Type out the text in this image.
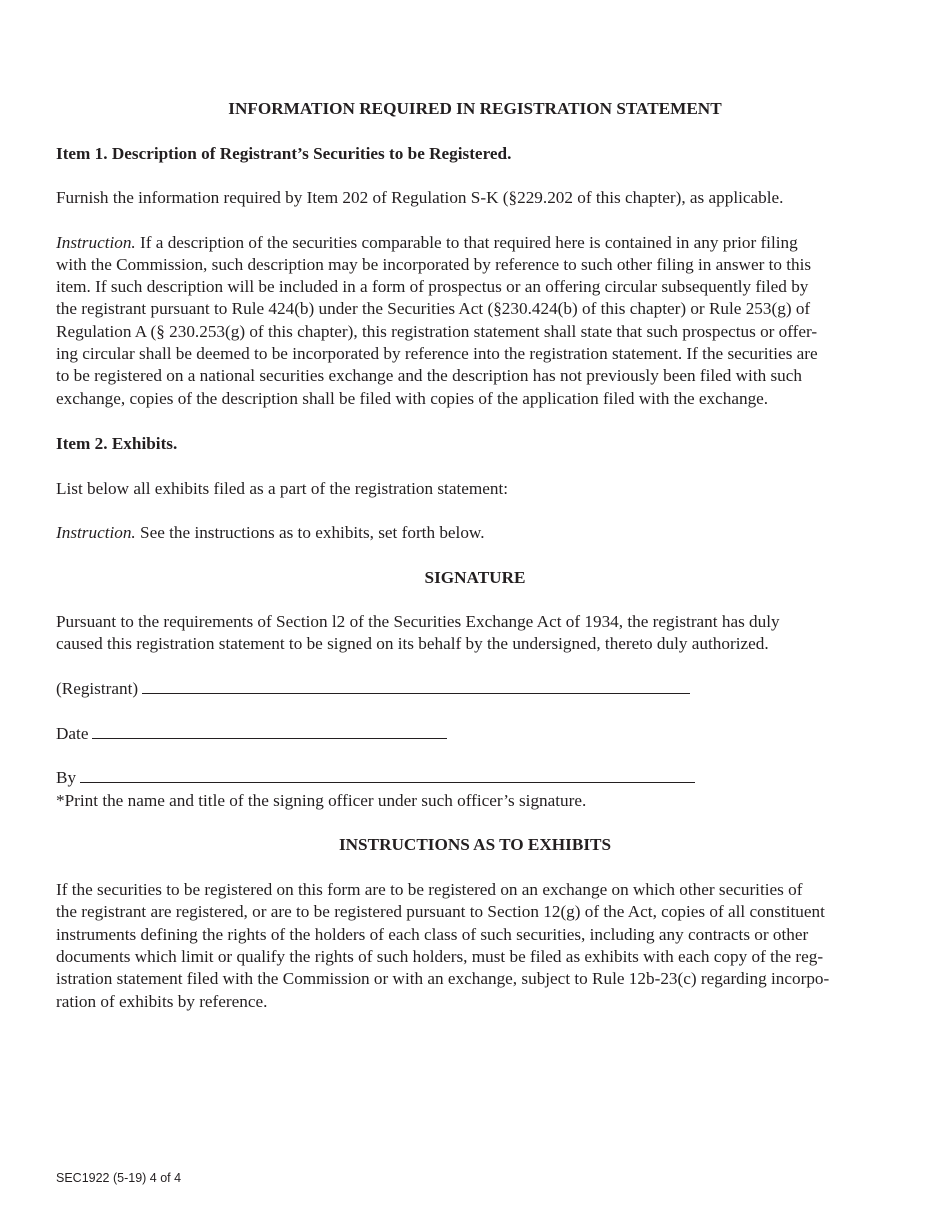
INFORMATION REQUIRED IN REGISTRATION STATEMENT

Item 1. Description of Registrant’s Securities to be Registered.

Furnish the information required by Item 202 of Regulation S-K (§229.202 of this chapter), as applicable.

Instruction. If a description of the securities comparable to that required here is contained in any prior filing

with the Commission, such description may be incorporated by reference to such other filing in answer to this

item. If such description will be included in a form of prospectus or an offering circular subsequently filed by

the registrant pursuant to Rule 424(b) under the Securities Act (§230.424(b) of this chapter) or Rule 253(g) of

Regulation A (§ 230.253(g) of this chapter), this registration statement shall state that such prospectus or offer-

ing circular shall be deemed to be incorporated by reference into the registration statement. If the securities are

to be registered on a national securities exchange and the description has not previously been filed with such

exchange, copies of the description shall be filed with copies of the application filed with the exchange.

Item 2. Exhibits.

List below all exhibits filed as a part of the registration statement:

Instruction. See the instructions as to exhibits, set forth below.

SIGNATURE

Pursuant to the requirements of Section l2 of the Securities Exchange Act of 1934, the registrant has duly

caused this registration statement to be signed on its behalf by the undersigned, thereto duly authorized.

(Registrant)

Date

By

*Print the name and title of the signing officer under such officer’s signature.

INSTRUCTIONS AS TO EXHIBITS

If the securities to be registered on this form are to be registered on an exchange on which other securities of

the registrant are registered, or are to be registered pursuant to Section 12(g) of the Act, copies of all constituent

instruments defining the rights of the holders of each class of such securities, including any contracts or other

documents which limit or qualify the rights of such holders, must be filed as exhibits with each copy of the reg-

istration statement filed with the Commission or with an exchange, subject to Rule 12b-23(c) regarding incorpo-

ration of exhibits by reference.

SEC1922 (5-19) 4 of 4
